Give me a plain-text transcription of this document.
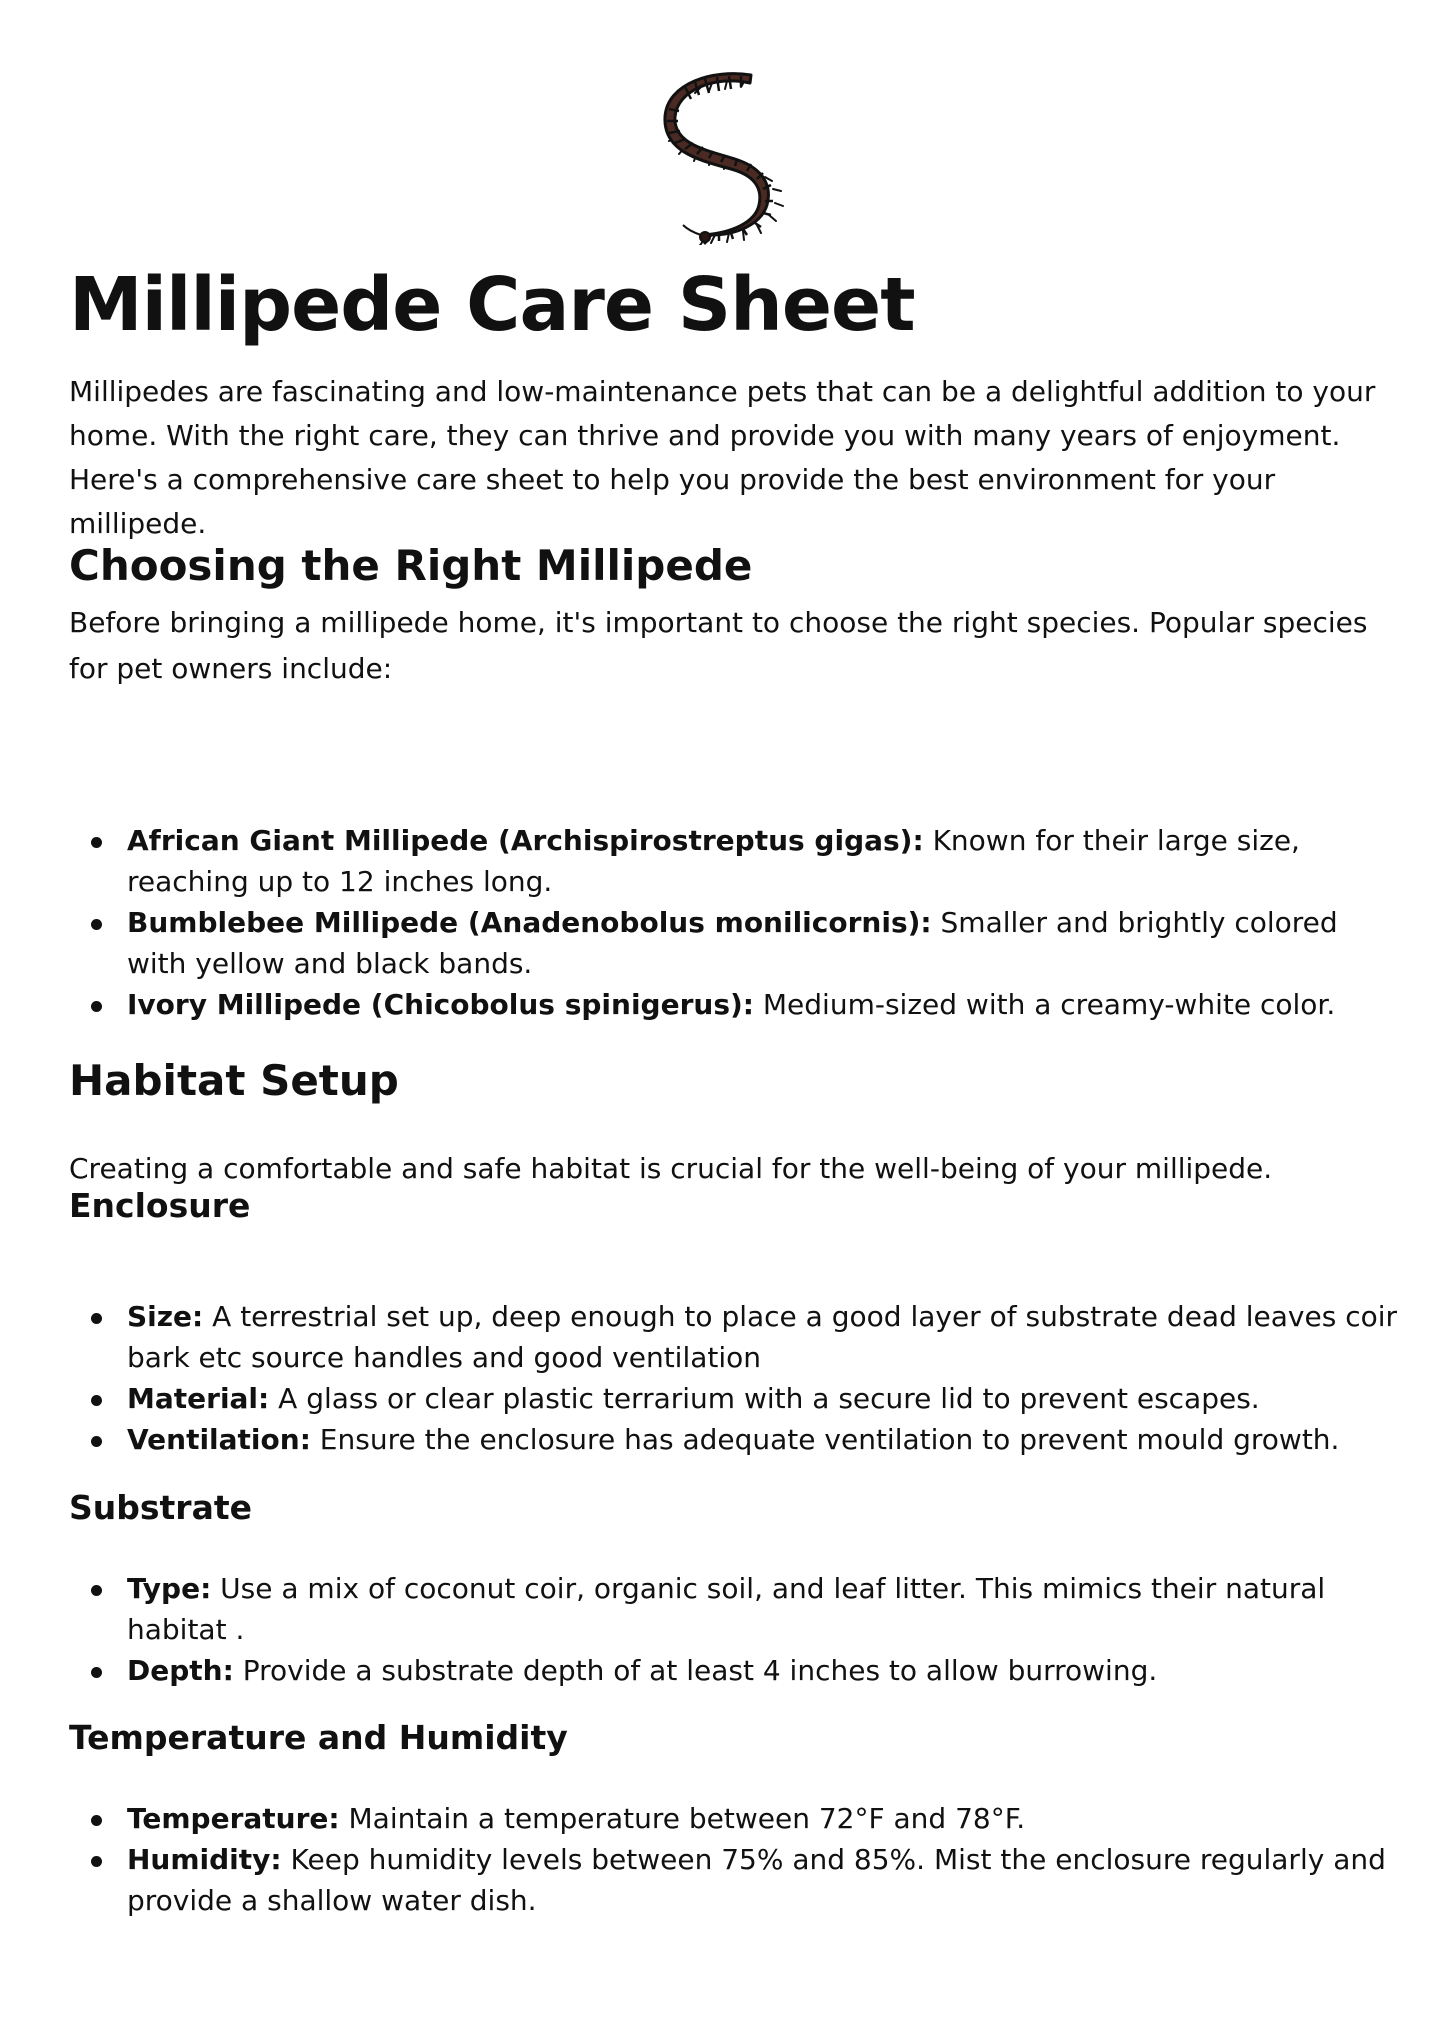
Millipede Care Sheet

Millipedes are fascinating and low-maintenance pets that can be a delightful addition to your home. With the right care, they can thrive and provide you with many years of enjoyment. Here's a comprehensive care sheet to help you provide the best environment for your millipede.

Choosing the Right Millipede

Before bringing a millipede home, it's important to choose the right species. Popular species for pet owners include:

African Giant Millipede (Archispirostreptus gigas): Known for their large size, reaching up to 12 inches long.
Bumblebee Millipede (Anadenobolus monilicornis): Smaller and brightly colored with yellow and black bands.
Ivory Millipede (Chicobolus spinigerus): Medium-sized with a creamy-white color.
Habitat Setup

Creating a comfortable and safe habitat is crucial for the well-being of your millipede.

Enclosure
Size: A terrestrial set up, deep enough to place a good layer of substrate dead leaves coir bark etc source handles and good ventilation
Material: A glass or clear plastic terrarium with a secure lid to prevent escapes.
Ventilation: Ensure the enclosure has adequate ventilation to prevent mould growth.
Substrate
Type: Use a mix of coconut coir, organic soil, and leaf litter. This mimics their natural habitat .
Depth: Provide a substrate depth of at least 4 inches to allow burrowing.
Temperature and Humidity
Temperature: Maintain a temperature between 72°F and 78°F.
Humidity: Keep humidity levels between 75% and 85%. Mist the enclosure regularly and provide a shallow water dish.
